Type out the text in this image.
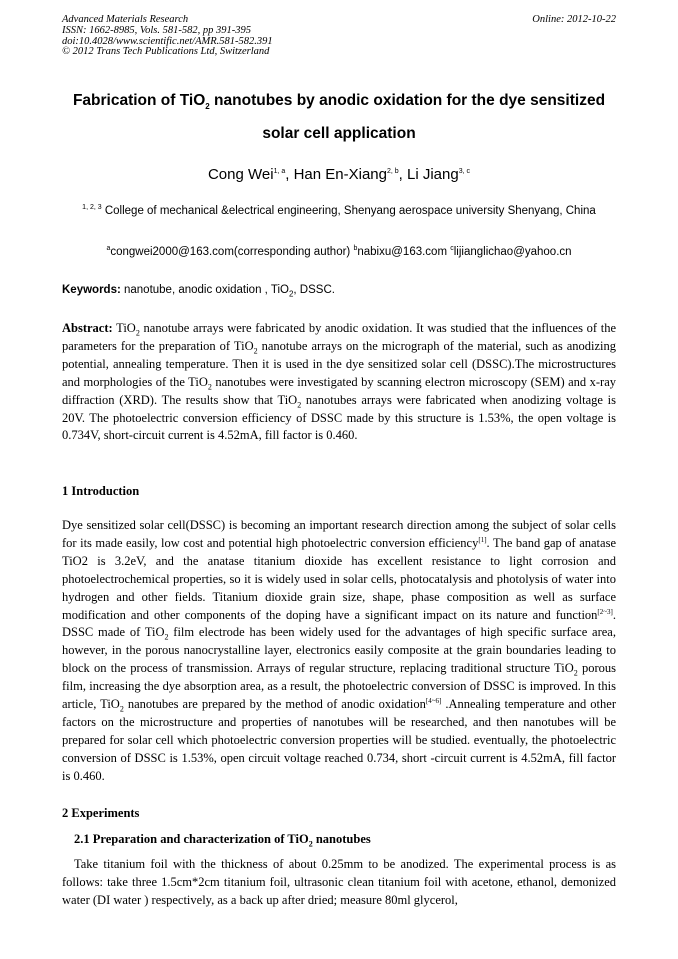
Advanced Materials Research
ISSN: 1662-8985, Vols. 581-582, pp 391-395
doi:10.4028/www.scientific.net/AMR.581-582.391
© 2012 Trans Tech Publications Ltd, Switzerland
Online: 2012-10-22
Fabrication of TiO$_2$ nanotubes by anodic oxidation for the dye sensitized
solar cell application
Cong Wei$^{1, a}$, Han En-Xiang$^{2, b}$, Li Jiang$^{3, c}$
$^{1, 2, 3}$ College of mechanical &electrical engineering, Shenyang aerospace university Shenyang, China
$^a$congwei2000@163.com(corresponding author) $^b$nabixu@163.com $^c$lijianglichao@yahoo.cn
Keywords: nanotube, anodic oxidation , TiO$_2$, DSSC.
Abstract: TiO$_2$ nanotube arrays were fabricated by anodic oxidation. It was studied that the influences of the parameters for the preparation of TiO$_2$ nanotube arrays on the micrograph of the material, such as anodizing potential, annealing temperature. Then it is used in the dye sensitized solar cell (DSSC).The microstructures and morphologies of the TiO$_2$ nanotubes were investigated by scanning electron microscopy (SEM) and x-ray diffraction (XRD). The results show that TiO$_2$ nanotubes arrays were fabricated when anodizing voltage is 20V. The photoelectric conversion efficiency of DSSC made by this structure is 1.53%, the open voltage is 0.734V, short-circuit current is 4.52mA, fill factor is 0.460.
1 Introduction
Dye sensitized solar cell(DSSC) is becoming an important research direction among the subject of solar cells for its made easily, low cost and potential high photoelectric conversion efficiency[1]. The band gap of anatase TiO2 is 3.2eV, and the anatase titanium dioxide has excellent resistance to light corrosion and photoelectrochemical properties, so it is widely used in solar cells, photocatalysis and photolysis of water into hydrogen and other fields. Titanium dioxide grain size, shape, phase composition as well as surface modification and other components of the doping have a significant impact on its nature and function[2~3]. DSSC made of TiO$_2$ film electrode has been widely used for the advantages of high specific surface area, however, in the porous nanocrystalline layer, electronics easily composite at the grain boundaries leading to block on the process of transmission. Arrays of regular structure, replacing traditional structure TiO$_2$ porous film, increasing the dye absorption area, as a result, the photoelectric conversion of DSSC is improved. In this article, TiO$_2$ nanotubes are prepared by the method of anodic oxidation[4~6] .Annealing temperature and other factors on the microstructure and properties of nanotubes will be researched, and then nanotubes will be prepared for solar cell which photoelectric conversion properties will be studied. eventually, the photoelectric conversion of DSSC is 1.53%, open circuit voltage reached 0.734, short -circuit current is 4.52mA, fill factor is 0.460.
2 Experiments
2.1 Preparation and characterization of TiO$_2$ nanotubes
Take titanium foil with the thickness of about 0.25mm to be anodized. The experimental process is as follows: take three 1.5cm*2cm titanium foil, ultrasonic clean titanium foil with acetone, ethanol, demonized water (DI water ) respectively, as a back up after dried; measure 80ml glycerol,
